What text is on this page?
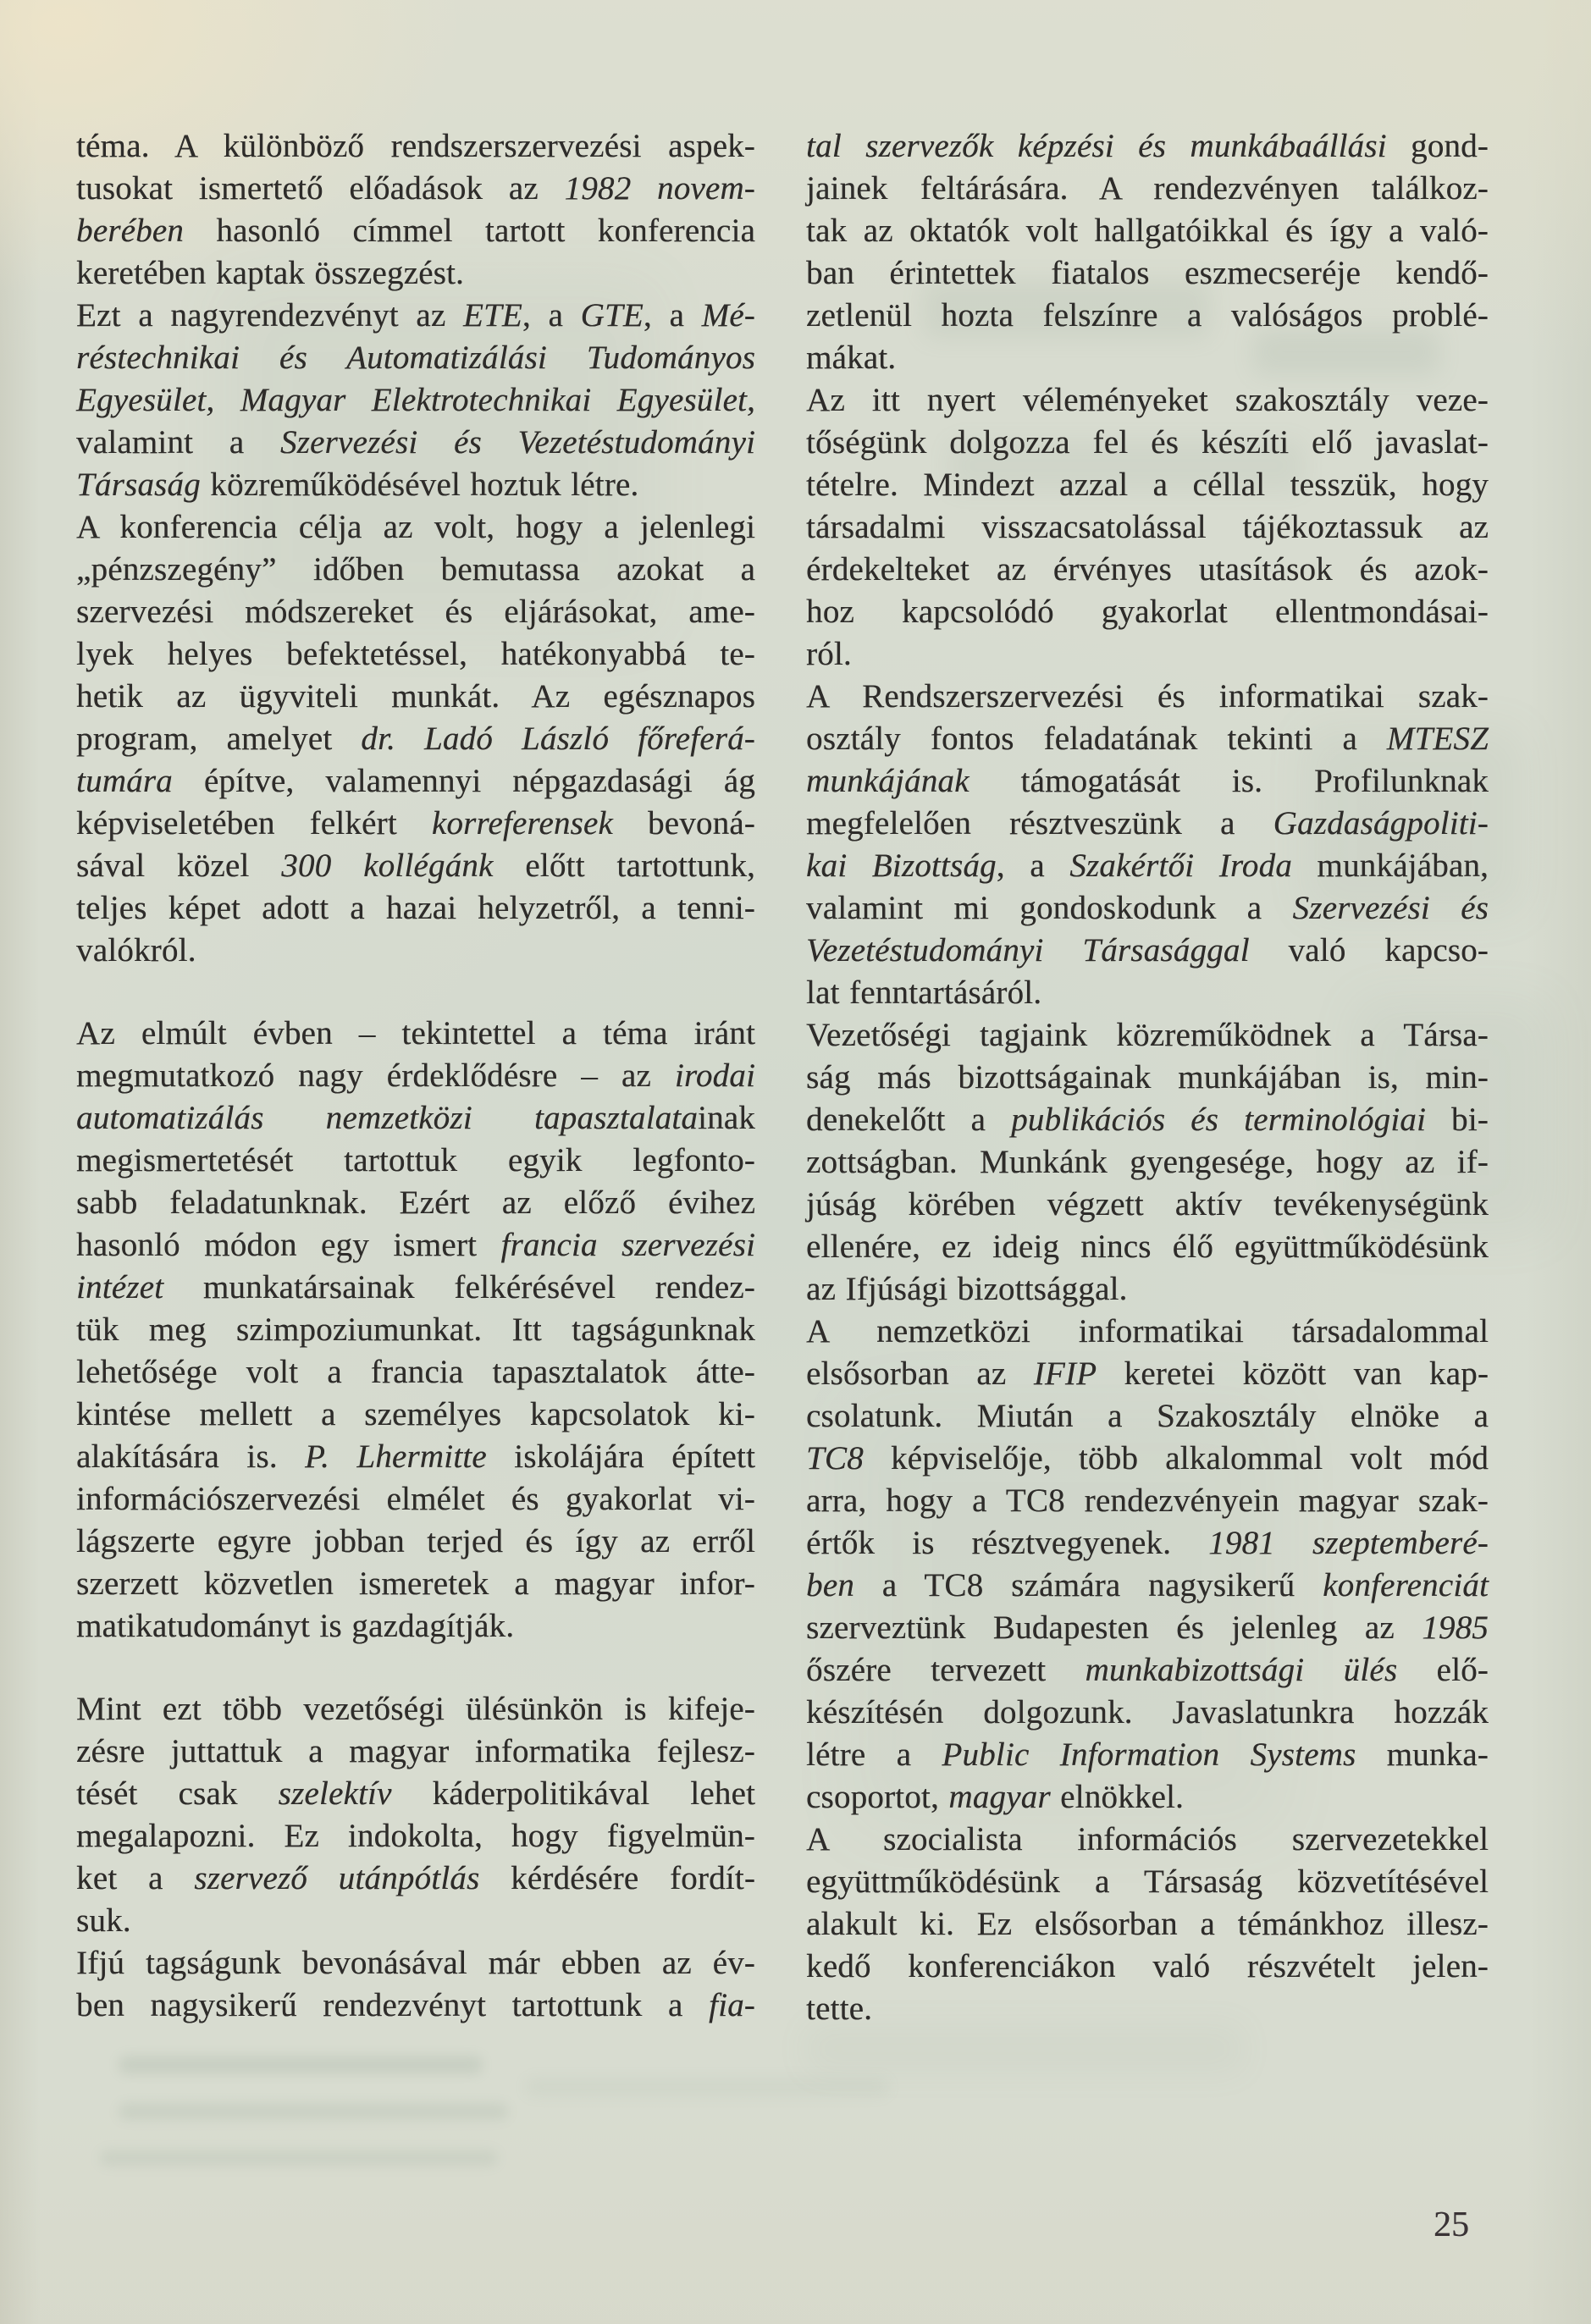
téma. A különböző rendszerszervezési aspek-
tusokat ismertető előadások az 1982 novem-
berében hasonló címmel tartott konferencia
keretében kaptak összegzést.
Ezt a nagyrendezvényt az ETE, a GTE, a Mé-
réstechnikai és Automatizálási Tudományos
Egyesület, Magyar Elektrotechnikai Egyesület,
valamint a Szervezési és Vezetéstudományi
Társaság közreműködésével hoztuk létre.
A konferencia célja az volt, hogy a jelenlegi
„pénzszegény” időben bemutassa azokat a
szervezési módszereket és eljárásokat, ame-
lyek helyes befektetéssel, hatékonyabbá te-
hetik az ügyviteli munkát. Az egésznapos
program, amelyet dr. Ladó László főreferá-
tumára építve, valamennyi népgazdasági ág
képviseletében felkért korreferensek bevoná-
sával közel 300 kollégánk előtt tartottunk,
teljes képet adott a hazai helyzetről, a tenni-
valókról.
Az elmúlt évben – tekintettel a téma iránt
megmutatkozó nagy érdeklődésre – az irodai
automatizálás nemzetközi tapasztalatainak
megismertetését tartottuk egyik legfonto-
sabb feladatunknak. Ezért az előző évihez
hasonló módon egy ismert francia szervezési
intézet munkatársainak felkérésével rendez-
tük meg szimpoziumunkat. Itt tagságunknak
lehetősége volt a francia tapasztalatok átte-
kintése mellett a személyes kapcsolatok ki-
alakítására is. P. Lhermitte iskolájára épített
információszervezési elmélet és gyakorlat vi-
lágszerte egyre jobban terjed és így az erről
szerzett közvetlen ismeretek a magyar infor-
matikatudományt is gazdagítják.
Mint ezt több vezetőségi ülésünkön is kifeje-
zésre juttattuk a magyar informatika fejlesz-
tését csak szelektív káderpolitikával lehet
megalapozni. Ez indokolta, hogy figyelmün-
ket a szervező utánpótlás kérdésére fordít-
suk.
Ifjú tagságunk bevonásával már ebben az év-
ben nagysikerű rendezvényt tartottunk a fia-
tal szervezők képzési és munkábaállási gond-
jainek feltárására. A rendezvényen találkoz-
tak az oktatók volt hallgatóikkal és így a való-
ban érintettek fiatalos eszmecseréje kendő-
zetlenül hozta felszínre a valóságos problé-
mákat.
Az itt nyert véleményeket szakosztály veze-
tőségünk dolgozza fel és készíti elő javaslat-
tételre. Mindezt azzal a céllal tesszük, hogy
társadalmi visszacsatolással tájékoztassuk az
érdekelteket az érvényes utasítások és azok-
hoz kapcsolódó gyakorlat ellentmondásai-
ról.
A Rendszerszervezési és informatikai szak-
osztály fontos feladatának tekinti a MTESZ
munkájának támogatását is. Profilunknak
megfelelően résztveszünk a Gazdaságpoliti-
kai Bizottság, a Szakértői Iroda munkájában,
valamint mi gondoskodunk a Szervezési és
Vezetéstudományi Társasággal való kapcso-
lat fenntartásáról.
Vezetőségi tagjaink közreműködnek a Társa-
ság más bizottságainak munkájában is, min-
denekelőtt a publikációs és terminológiai bi-
zottságban. Munkánk gyengesége, hogy az if-
júság körében végzett aktív tevékenységünk
ellenére, ez ideig nincs élő együttműködésünk
az Ifjúsági bizottsággal.
A nemzetközi informatikai társadalommal
elsősorban az IFIP keretei között van kap-
csolatunk. Miután a Szakosztály elnöke a
TC8 képviselője, több alkalommal volt mód
arra, hogy a TC8 rendezvényein magyar szak-
értők is résztvegyenek. 1981 szeptemberé-
ben a TC8 számára nagysikerű konferenciát
szerveztünk Budapesten és jelenleg az 1985
őszére tervezett munkabizottsági ülés elő-
készítésén dolgozunk. Javaslatunkra hozzák
létre a Public Information Systems munka-
csoportot, magyar elnökkel.
A szocialista információs szervezetekkel
együttműködésünk a Társaság közvetítésével
alakult ki. Ez elsősorban a témánkhoz illesz-
kedő konferenciákon való részvételt jelen-
tette.
25
